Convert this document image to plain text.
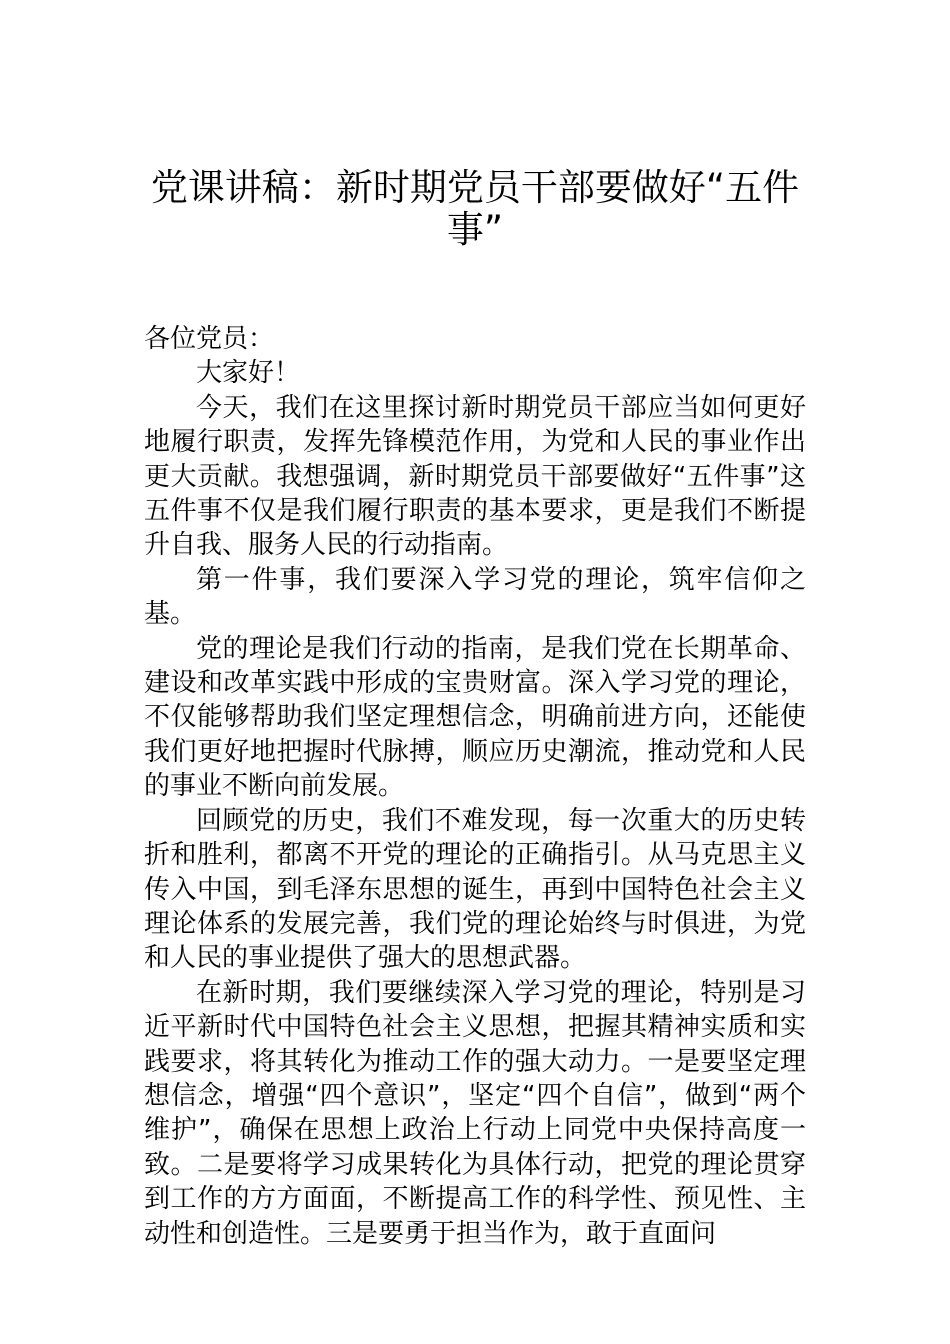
党课讲稿：新时期党员干部要做好“五件
事”

各位党员：

大家好！

今天，我们在这里探讨新时期党员干部应当如何更好地履行职责，发挥先锋模范作用，为党和人民的事业作出更大贡献。我想强调，新时期党员干部要做好“五件事”这五件事不仅是我们履行职责的基本要求，更是我们不断提升自我、服务人民的行动指南。

第一件事，我们要深入学习党的理论，筑牢信仰之基。

党的理论是我们行动的指南，是我们党在长期革命、建设和改革实践中形成的宝贵财富。深入学习党的理论，不仅能够帮助我们坚定理想信念，明确前进方向，还能使我们更好地把握时代脉搏，顺应历史潮流，推动党和人民的事业不断向前发展。

回顾党的历史，我们不难发现，每一次重大的历史转折和胜利，都离不开党的理论的正确指引。从马克思主义传入中国，到毛泽东思想的诞生，再到中国特色社会主义理论体系的发展完善，我们党的理论始终与时俱进，为党和人民的事业提供了强大的思想武器。

在新时期，我们要继续深入学习党的理论，特别是习近平新时代中国特色社会主义思想，把握其精神实质和实践要求，将其转化为推动工作的强大动力。一是要坚定理想信念，增强“四个意识”，坚定“四个自信”，做到“两个维护”，确保在思想上政治上行动上同党中央保持高度一致。二是要将学习成果转化为具体行动，把党的理论贯穿到工作的方方面面，不断提高工作的科学性、预见性、主动性和创造性。三是要勇于担当作为，敢于直面问
